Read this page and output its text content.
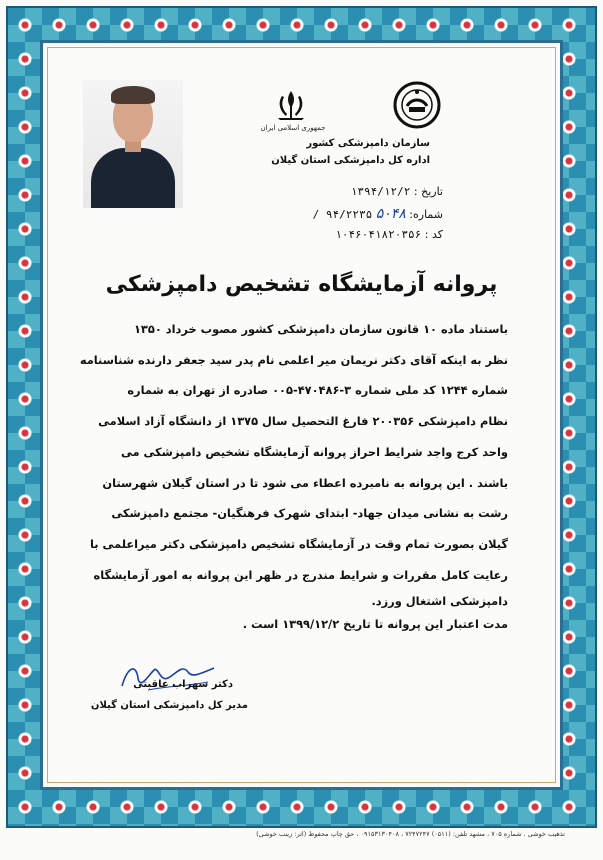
جمهوری اسلامی ایران
سازمان دامپزشکی کشور
اداره کل دامپزشکی استان گیلان
تاریخ : ۱۳۹۴/۱۲/۲
شماره: ۵۰۴۸ / ۹۴/۲۲۳۵
کد : ۱۰۴۶۰۴۱۸۲۰۳۵۶
پروانه آزمایشگاه تشخیص دامپزشکی

باستناد ماده ۱۰ قانون سازمان دامپزشکی کشور مصوب خرداد ۱۳۵۰

نظر به اینکه آقای دکتر نریمان میر اعلمی نام پدر سید جعفر دارنده شناسنامه

شماره ۱۲۴۴ کد ملی شماره ۳-۴۷۰۴۸۶-۰۰۵ صادره از تهران به شماره

نظام دامپزشکی ۲۰۰۳۵۶ فارغ التحصیل سال ۱۳۷۵ از دانشگاه آزاد اسلامی

واحد کرج واجد شرایط احراز پروانه آزمایشگاه تشخیص دامپزشکی می

باشند . این پروانه به نامبرده اعطاء می شود تا در استان گیلان شهرستان

رشت به نشانی میدان جهاد- ابتدای شهرک فرهنگیان- مجتمع دامپزشکی

گیلان بصورت تمام وقت در آزمایشگاه تشخیص دامپزشکی دکتر میراعلمی با

رعایت کامل مقررات و شرایط مندرج در ظهر این پروانه به امور آزمایشگاه

دامپزشکی اشتغال ورزد.

مدت اعتبار این پروانه تا تاریخ ۱۳۹۹/۱۲/۲ است .

دکتر سهراب عاقبتی
مدیر کل دامپزشکی استان گیلان
تذهیب خوشی . شماره ۷۰۵ ، مشهد تلفن: (۰۵۱۱) ۷۲۴۷۲۴۷ ، ۰۹۱۵۳۱۳۰۴۰۸ ، حق چاپ محفوظ (اثر: زینب خوشی)
